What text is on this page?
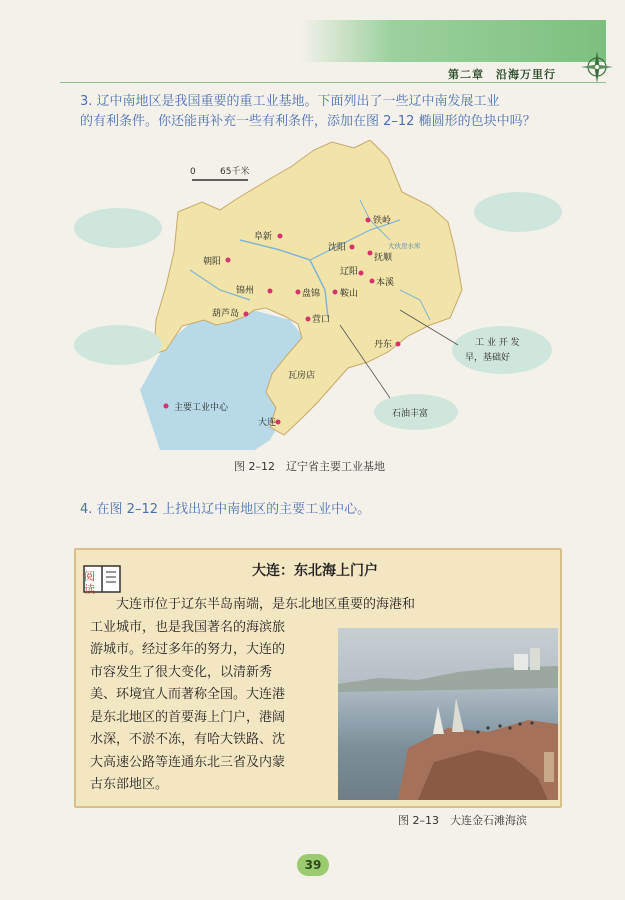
第二章　沿海万里行
3. 辽中南地区是我国重要的重工业基地。下面列出了一些辽中南发展工业
的有利条件。你还能再补充一些有利条件，添加在图 2–12 椭圆形的色块中吗？
0	65千米
工 业 开 发
早，基础好
石油丰富
大伙房水库
主要工业中心
阜新
铁岭
沈阳
抚顺
朝阳
辽阳
本溪
锦州	盘锦 鞍山
葫芦岛
营口
丹东
瓦房店
大连
图 2–12　辽宁省主要工业基地
4. 在图 2–12 上找出辽中南地区的主要工业中心。
阅读
大连：东北海上门户
　　大连市位于辽东半岛南端，是东北地区重要的海港和
工业城市，也是我国著名的海滨旅
游城市。经过多年的努力，大连的
市容发生了很大变化，以清新秀
美、环境宜人而著称全国。大连港
是东北地区的首要海上门户，港阔
水深，不淤不冻，有哈大铁路、沈
大高速公路等连通东北三省及内蒙
古东部地区。
图 2–13　大连金石滩海滨
39
